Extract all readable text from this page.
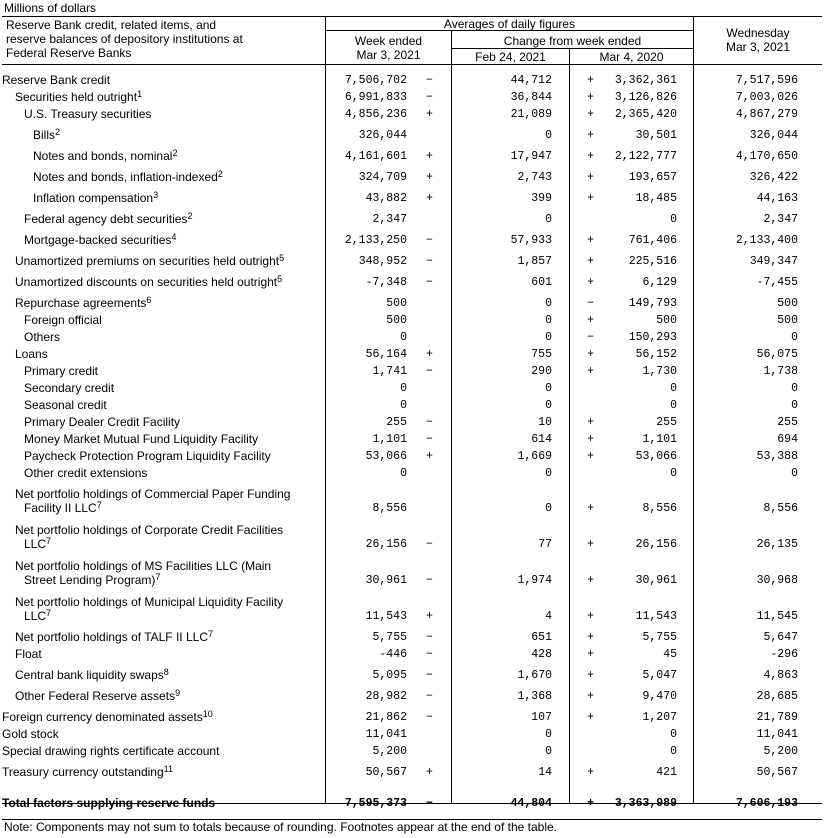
Millions of dollars
Reserve Bank credit, related items, and
reserve balances of depository institutions at
Federal Reserve Banks
Averages of daily figures
Week ended
Mar 3, 2021
Change from week ended
Feb 24, 2021	Mar 4, 2020
Wednesday
Mar 3, 2021
Reserve Bank credit	7,506,702	−		44,712	+	3,362,361	7,517,596	
Securities held outright$^1$	6,991,833	−		36,844	+	3,126,826	7,003,026	
U.S. Treasury securities	4,856,236	+		21,089	+	2,365,420	4,867,279	
Bills$^2$	326,044			0	+	30,501	326,044	
Notes and bonds, nominal$^2$	4,161,601	+		17,947	+	2,122,777	4,170,650	
Notes and bonds, inflation-indexed$^2$	324,709	+		2,743	+	193,657	326,422	
Inflation compensation$^3$	43,882	+		399	+	18,485	44,163	
Federal agency debt securities$^2$	2,347			0		0	2,347	
Mortgage-backed securities$^4$	2,133,250	−		57,933	+	761,406	2,133,400	
Unamortized premiums on securities held outright$^5$	348,952	−		1,857	+	225,516	349,347	
Unamortized discounts on securities held outright$^5$	-7,348	−		601	+	6,129	-7,455	
Repurchase agreements$^6$	500			0	−	149,793	500	
Foreign official	500			0	+	500	500	
Others	0			0	−	150,293	0	
Loans	56,164	+		755	+	56,152	56,075	
Primary credit	1,741	−		290	+	1,730	1,738	
Secondary credit	0			0		0	0	
Seasonal credit	0			0		0	0	
Primary Dealer Credit Facility	255	−		10	+	255	255	
Money Market Mutual Fund Liquidity Facility	1,101	−		614	+	1,101	694	
Paycheck Protection Program Liquidity Facility	53,066	+		1,669	+	53,066	53,388	
Other credit extensions	0			0		0	0	

Net portfolio holdings of Commercial Paper Funding
Facility II LLC$^7$	8,556			0	+	8,556	8,556	

Net portfolio holdings of Corporate Credit Facilities
LLC$^7$	26,156	−		77	+	26,156	26,135	

Net portfolio holdings of MS Facilities LLC (Main
Street Lending Program)$^7$	30,961	−		1,974	+	30,961	30,968	

Net portfolio holdings of Municipal Liquidity Facility
LLC$^7$	11,543	+		4	+	11,543	11,545	
Net portfolio holdings of TALF II LLC$^7$	5,755	−		651	+	5,755	5,647	
Float	-446	−		428	+	45	-296	
Central bank liquidity swaps$^8$	5,095	−		1,670	+	5,047	4,863	
Other Federal Reserve assets$^9$	28,982	−		1,368	+	9,470	28,685	
Foreign currency denominated assets$^{10}$	21,862	−		107	+	1,207	21,789	
Gold stock	11,041			0		0	11,041	
Special drawing rights certificate account	5,200			0		0	5,200	
Treasury currency outstanding$^{11}$	50,567	+		14	+	421	50,567	
Total factors supplying reserve funds	7,595,373	−		44,804	+	3,363,989	7,606,193	
Note: Components may not sum to totals because of rounding. Footnotes appear at the end of the table.
